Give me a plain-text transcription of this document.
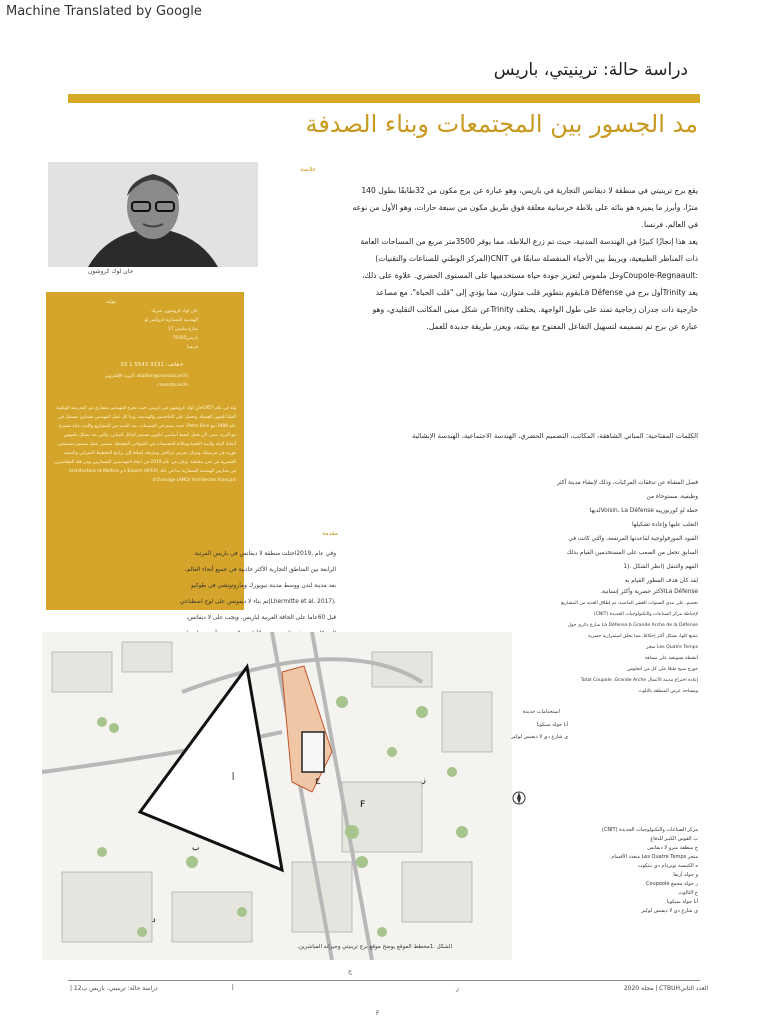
Machine Translated by Google
دراسة حالة: ترينيتي، باريس
مد الجسور بين المجتمعات وبناء الصدفة
جان لوك كروشون
مؤلف
جان لوك كروشون، شريك
الهندسة المعمارية كروكس لو
17 شارع ماتيس
75005باريس
فرنسا
هاتف: 3131 5543 1 33+
البريد الإلكتروني: akallion@crosslus.archi
crossrdo.archi
ولد في عام 1957جان لوك كروشون في باريس، حيث تخرج كمهندس معماري من المدرسة الوطنية العليا للفنون الجميلة، وحصل على الماجستير والهندسة، وبدأ كل عمل كمهندس معماري مستقل في عام 1988 مع Peter Rice، حيث صمم في الستينيات، بعد العديد من المشاريع وكانت بداية مسيرة مع البرج، سعى لأن تعمل كنمط أساسي لتكوين مستمر لبدائل المباني، والتي نفذ بشكل ملموس أنماط البناء والبنية التحتية ومكانة المجتمعات في الضواحي المحيطة. يتضمن عمله تصميم مستشفى فوريه في مرسيليا، ومركز معرض مراكش وبتاريخه إضافة إلى برامج التخطيط العمراني والتنمية الحضرية في مدن مختلفة. وعيّن في عام 2019 في اتحاد المهندسين المعماريين ومن قلة المحاضرين في مدارس الهندسة المعمارية بما في ذلك L'Export (AFEX) و Architecture et Maîtres d'Ouvrage (AMO) Architectes Français
خلاصة
يقع برج ترينيتي في منطقة لا ديفانس التجارية في باريس، وهو عبارة عن برج مكون من 32طابقًا بطول 140
مترًا، وأبرز ما يميزه هو بنائه على بلاطة خرسانية معلقة فوق طريق مكون من سبعة حارات، وهو الأول من نوعه
في العالم. فرنسا.
يعد هذا إنجازًا كبيرًا في الهندسة المدنية، حيث تم زرع البلاطة، مما يوفر 3500متر مربع من المساحات العامة
ذات المناظر الطبيعية، ويربط بين الأحياء المنفصلة سابقًا في CNIT(المركز الوطني للصناعات والتقنيات)
:Coupole-Regnaaultوحل ملموس لتعزيز جودة حياة مستخدميها على المستوى الحضري. علاوة على ذلك،
يعد Trinityأول برج في La Défenseيقوم بتطوير قلب متوازن، مما يؤدي إلى "قلب الحياة". مع مصاعد
خارجية ذات جدران زجاجية تمتد على طول الواجهة. يختلف Trinityعن شكل مبنى المكاتب التقليدي، وهو
عبارة عن برج تم تصميمه لتسهيل التفاعل المفتوح مع بيئته، ويعزز طريقة جديدة للعمل.
الكلمات المفتاحية: المباني الشاهقة، المكاتب، التصميم الحضري، الهندسة الاجتماعية، الهندسة الإنشائية
مقدمة
وفي عام ,2019احتلت منطقة لا ديفانس في باريس المرتبة
الرابعة بين المناطق التجارية الأكثر جاذبية في جميع أنحاء العالم،
بعد مدينة لندن ووسط مدينة نيويورك وماروتونشي في طوكيو
.(Lhermitte et al. 2017)تم بناء لا ديفونس على لوح اصطناعي
قبل 60عاما على الحافة الغربية لباريس، ويجب على لا ديفانس،
فصل المشاة عن تدفقات المركبات، وذلك لإنشاء مدينة أكثر
وظيفية، مستوحاة من
خطة لو كوربوزييه Voisin. La Défenseلديها
التغلب عليها وإعادة تشكيلها
القيود المورفولوجية لقاعدتها المرتفعة، والتي كانت في
السابق تجعل من الصعب على المستخدمين القيام بذلك
الفهم والتنقل (انظر الشكل .(1
لقد كان هدف المطور القيام به
La Défenseالأكثر حضرية وأكثر إنسانية.
تحميم، على مدى السنوات العشر الماضية، تم إطلاق العديد من المشاريع
لإحياطة مركز الصناعات والتكنولوجيات الجديدة (CNIT)
La Défense b Grande Arche de la Défense شارع دائري حول
تتمتع كلها، بشكل أكثر إحكامًا، مما يخلق استمرارية حضرية
Les Quatre Temps متجر
أنشطة تسويقية على مسافة
جورج سيخ طبعًا على كل من أنجلوس
إعادة اختراع مدينة الأعمال Total Coupole .Grande Arche
ومساحة عرض المنطقة بالثلوث
أ
ب
ج
د
F
ز
الشكل .1مخطط الموقع يوضح موقع برج ترينيتي وجيرانه المباشرين.
استخدامات جديدة
أنا جولة سيكويا
ي شارع دي لا ديفنس لوكير
مركز الصناعات والتكنولوجيات الجديدة (CNIT)
ب القوس الكبير للدفاع
ج منطقة مترو لا ديفانس
متجر Les Quatre Temps متعدد الأقسام
ه الكنيسة نوتردام دي بنتكوت
و جولة أريفا
ز جولة مجمع Coupoole
ح الثالوث
أنا جولة سيكويا
ي شارع دي لا ديفنس لوكير
مجلة 2020 | CTBUHالعدد الثاني
| 12دراسة حالة: ترينيتي، باريس ب
ح
ز
أ
F
